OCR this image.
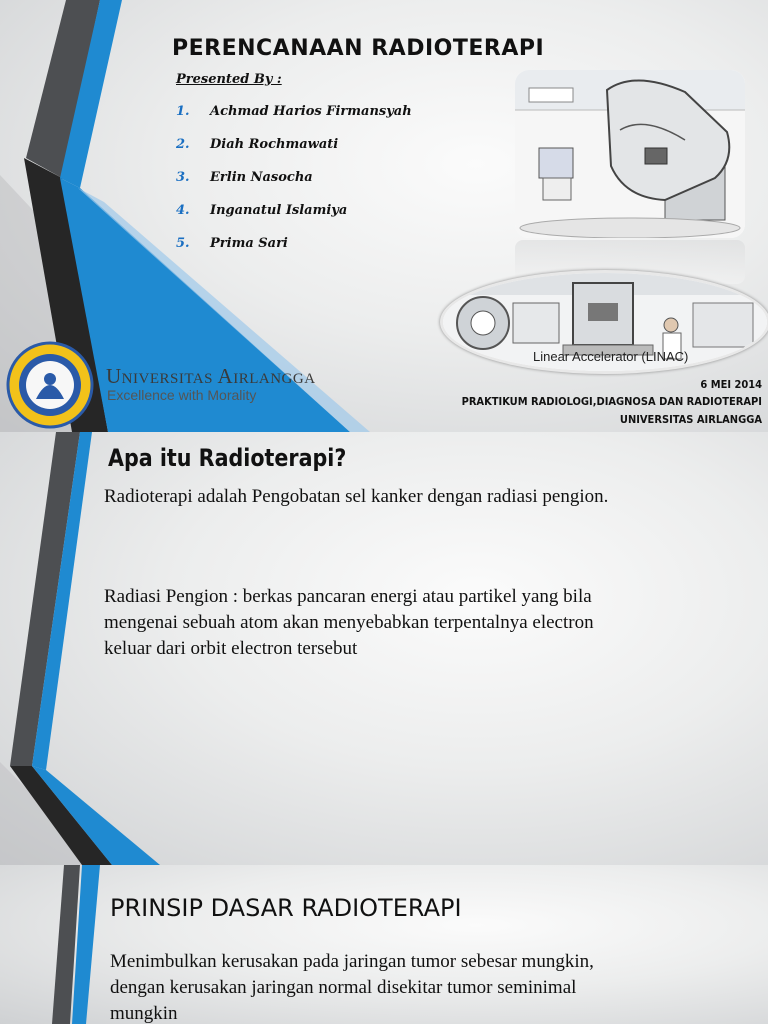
PERENCANAAN RADIOTERAPI
Presented By :
1. Achmad Harios Firmansyah
2. Diah Rochmawati
3. Erlin Nasocha
4. Inganatul Islamiya
5. Prima Sari
Linear Accelerator (LINAC)
Universitas Airlangga
Excellence with Morality
6 MEI 2014
PRAKTIKUM RADIOLOGI,DIAGNOSA DAN RADIOTERAPI
UNIVERSITAS AIRLANGGA
Apa itu Radioterapi?
Radioterapi adalah Pengobatan sel kanker dengan radiasi pengion.
Radiasi Pengion : berkas pancaran energi atau partikel yang bila mengenai sebuah atom akan menyebabkan terpentalnya electron keluar dari orbit electron tersebut
PRINSIP DASAR RADIOTERAPI
Menimbulkan kerusakan pada jaringan tumor sebesar mungkin, dengan kerusakan jaringan normal disekitar tumor seminimal mungkin
